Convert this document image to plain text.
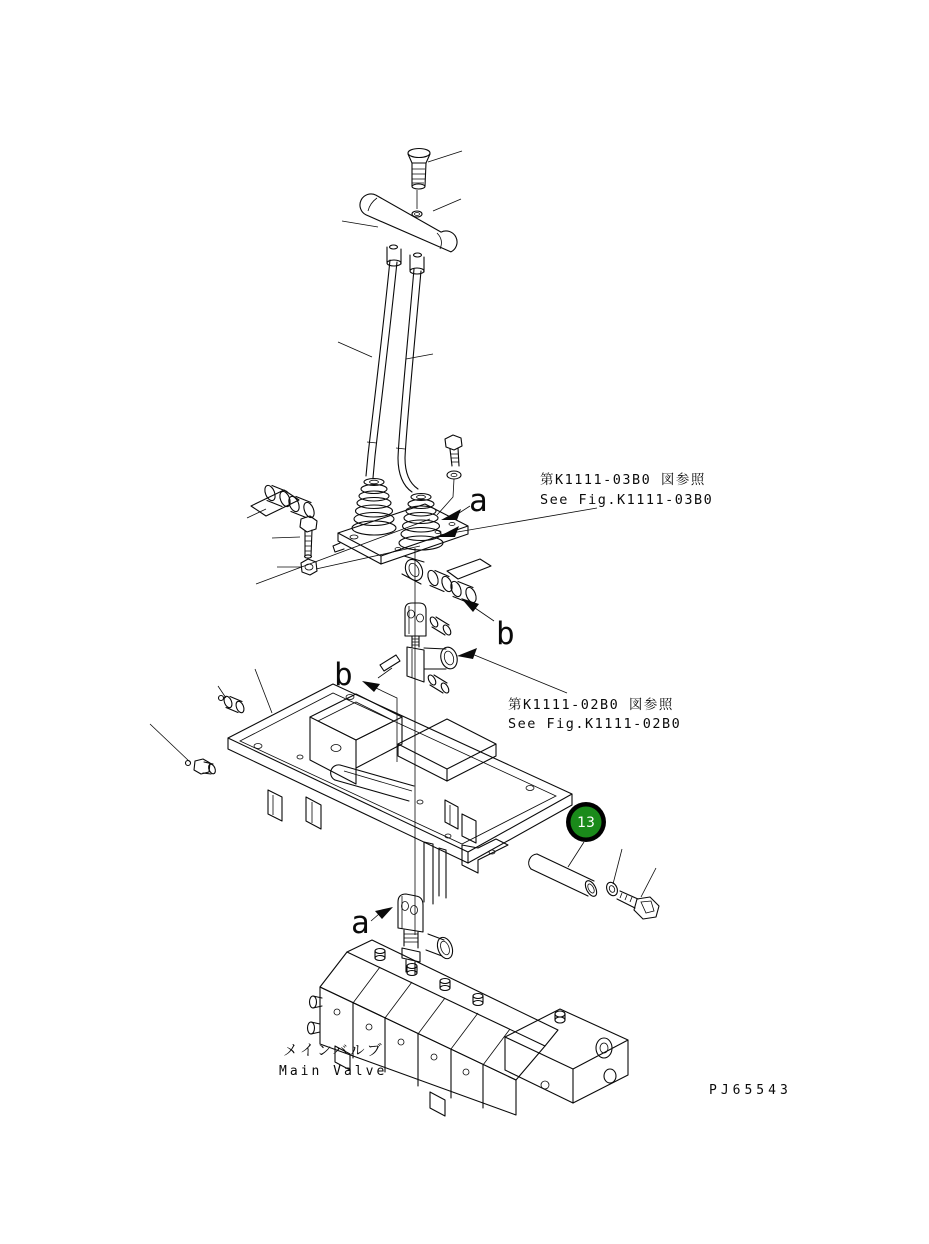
a
第K1111-03B0 図参照
See Fig.K1111-03B0
b
第K1111-02B0 図参照
See Fig.K1111-02B0
b
13
a
メインバルブ
Main Valve
PJ65543
